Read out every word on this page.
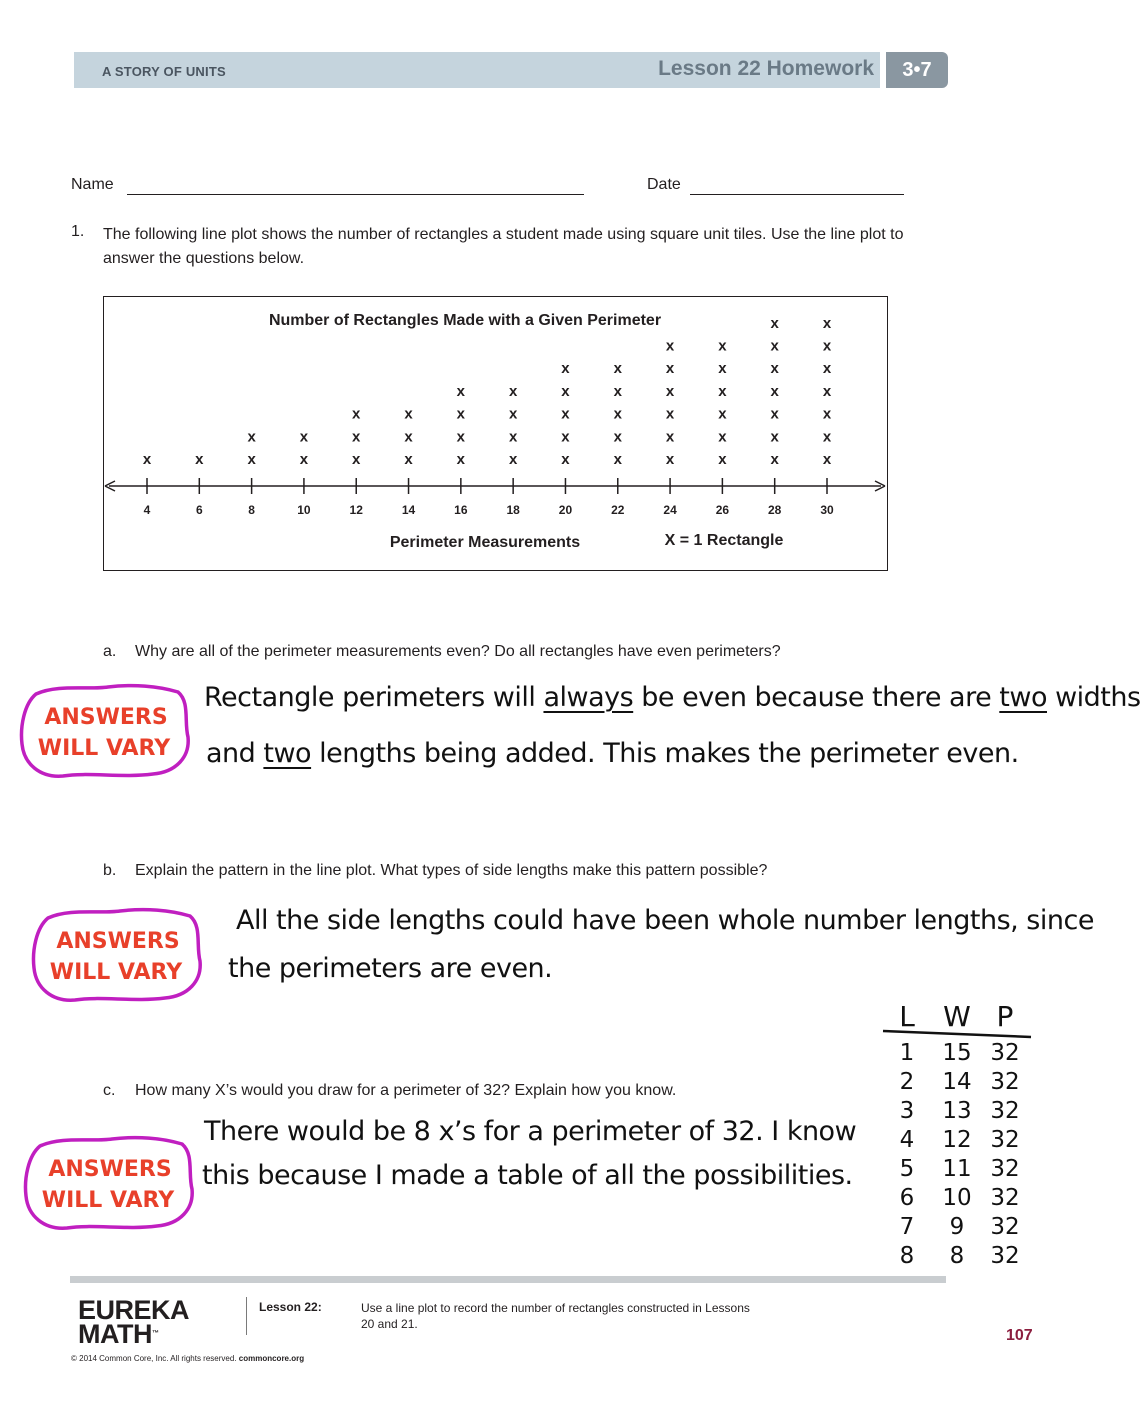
A STORY OF UNITS	Lesson 22 Homework	3•7
Name	Date
1. The following line plot shows the number of rectangles a student made using square unit tiles. Use the line plot to answer the questions below.
Number of Rectangles Made with a Given Perimeter
Perimeter Measurements	X = 1 Rectangle
4
x
6
x
8
x
x
10
x
x
12
x
x
x
14
x
x
x
16
x
x
x
x
18
x
x
x
x
20
x
x
x
x
x
22
x
x
x
x
x
24
x
x
x
x
x
x
26
x
x
x
x
x
x
28
x
x
x
x
x
x
x
30
x
x
x
x
x
x
x
a. Why are all of the perimeter measurements even? Do all rectangles have even perimeters?
ANSWERS
WILL VARY
Rectangle perimeters will always be even because there are two widths
and two lengths being added. This makes the perimeter even.
b. Explain the pattern in the line plot. What types of side lengths make this pattern possible?
ANSWERS
WILL VARY
All the side lengths could have been whole number lengths, since
the perimeters are even.
L W P
1 15 32
2 14 32
3 13 32
4 12 32
5 11 32
6 10 32
7 9 32
8 8 32
c. How many X’s would you draw for a perimeter of 32? Explain how you know.
ANSWERS
WILL VARY
There would be 8 x’s for a perimeter of 32. I know
this because I made a table of all the possibilities.
EUREKA
MATH™
Lesson 22:	Use a line plot to record the number of rectangles constructed in Lessons 20 and 21.
107
© 2014 Common Core, Inc. All rights reserved. commoncore.org
